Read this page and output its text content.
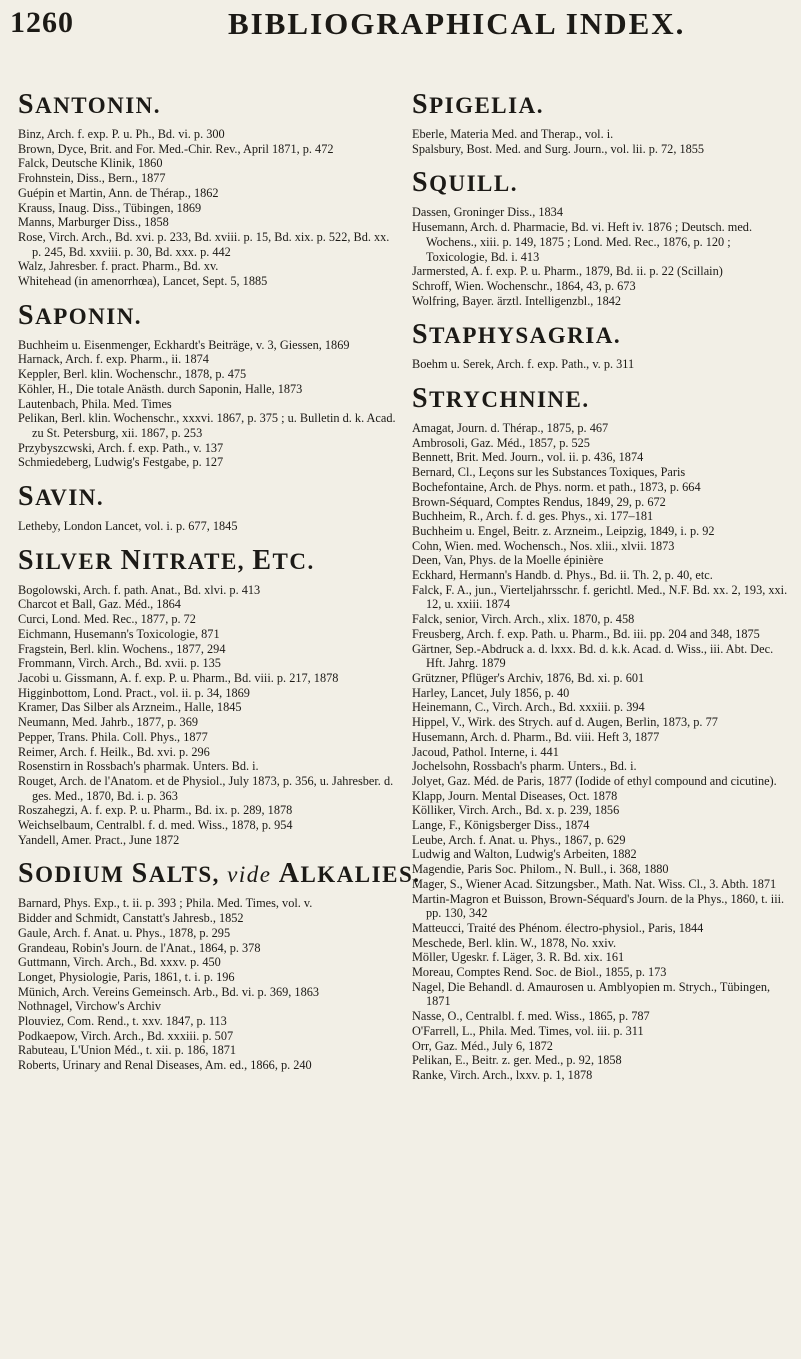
1260	BIBLIOGRAPHICAL INDEX.
SANTONIN.
Binz, Arch. f. exp. P. u. Ph., Bd. vi. p. 300
Brown, Dyce, Brit. and For. Med.-Chir. Rev., April 1871, p. 472
Falck, Deutsche Klinik, 1860
Frohnstein, Diss., Bern., 1877
Guépin et Martin, Ann. de Thérap., 1862
Krauss, Inaug. Diss., Tübingen, 1869
Manns, Marburger Diss., 1858
Rose, Virch. Arch., Bd. xvi. p. 233, Bd. xviii. p. 15, Bd. xix. p. 522, Bd. xx. p. 245, Bd. xxviii. p. 30, Bd. xxx. p. 442
Walz, Jahresber. f. pract. Pharm., Bd. xv.
Whitehead (in amenorrhœa), Lancet, Sept. 5, 1885
SAPONIN.
Buchheim u. Eisenmenger, Eckhardt's Beiträge, v. 3, Giessen, 1869
Harnack, Arch. f. exp. Pharm., ii. 1874
Keppler, Berl. klin. Wochenschr., 1878, p. 475
Köhler, H., Die totale Anästh. durch Saponin, Halle, 1873
Lautenbach, Phila. Med. Times
Pelikan, Berl. klin. Wochenschr., xxxvi. 1867, p. 375 ; u. Bulletin d. k. Acad. zu St. Petersburg, xii. 1867, p. 253
Przybyszcwski, Arch. f. exp. Path., v. 137
Schmiedeberg, Ludwig's Festgabe, p. 127
SAVIN.
Letheby, London Lancet, vol. i. p. 677, 1845
SILVER NITRATE, ETC.
Bogolowski, Arch. f. path. Anat., Bd. xlvi. p. 413
Charcot et Ball, Gaz. Méd., 1864
Curci, Lond. Med. Rec., 1877, p. 72
Eichmann, Husemann's Toxicologie, 871
Fragstein, Berl. klin. Wochens., 1877, 294
Frommann, Virch. Arch., Bd. xvii. p. 135
Jacobi u. Gissmann, A. f. exp. P. u. Pharm., Bd. viii. p. 217, 1878
Higginbottom, Lond. Pract., vol. ii. p. 34, 1869
Kramer, Das Silber als Arzneim., Halle, 1845
Neumann, Med. Jahrb., 1877, p. 369
Pepper, Trans. Phila. Coll. Phys., 1877
Reimer, Arch. f. Heilk., Bd. xvi. p. 296
Rosenstirn in Rossbach's pharmak. Unters. Bd. i.
Rouget, Arch. de l'Anatom. et de Physiol., July 1873, p. 356, u. Jahresber. d. ges. Med., 1870, Bd. i. p. 363
Roszahegzi, A. f. exp. P. u. Pharm., Bd. ix. p. 289, 1878
Weichselbaum, Centralbl. f. d. med. Wiss., 1878, p. 954
Yandell, Amer. Pract., June 1872
SODIUM SALTS, vide ALKALIES.
Barnard, Phys. Exp., t. ii. p. 393 ; Phila. Med. Times, vol. v.
Bidder and Schmidt, Canstatt's Jahresb., 1852
Gaule, Arch. f. Anat. u. Phys., 1878, p. 295
Grandeau, Robin's Journ. de l'Anat., 1864, p. 378
Guttmann, Virch. Arch., Bd. xxxv. p. 450
Longet, Physiologie, Paris, 1861, t. i. p. 196
Münich, Arch. Vereins Gemeinsch. Arb., Bd. vi. p. 369, 1863
Nothnagel, Virchow's Archiv
Plouviez, Com. Rend., t. xxv. 1847, p. 113
Podkaepow, Virch. Arch., Bd. xxxiii. p. 507
Rabuteau, L'Union Méd., t. xii. p. 186, 1871
Roberts, Urinary and Renal Diseases, Am. ed., 1866, p. 240
SPIGELIA.
Eberle, Materia Med. and Therap., vol. i.
Spalsbury, Bost. Med. and Surg. Journ., vol. lii. p. 72, 1855
SQUILL.
Dassen, Groninger Diss., 1834
Husemann, Arch. d. Pharmacie, Bd. vi. Heft iv. 1876 ; Deutsch. med. Wochens., xiii. p. 149, 1875 ; Lond. Med. Rec., 1876, p. 120 ; Toxicologie, Bd. i. 413
Jarmersted, A. f. exp. P. u. Pharm., 1879, Bd. ii. p. 22 (Scillain)
Schroff, Wien. Wochenschr., 1864, 43, p. 673
Wolfring, Bayer. ärztl. Intelligenzbl., 1842
STAPHYSAGRIA.
Boehm u. Serek, Arch. f. exp. Path., v. p. 311
STRYCHNINE.
Amagat, Journ. d. Thérap., 1875, p. 467
Ambrosoli, Gaz. Méd., 1857, p. 525
Bennett, Brit. Med. Journ., vol. ii. p. 436, 1874
Bernard, Cl., Leçons sur les Substances Toxiques, Paris
Bochefontaine, Arch. de Phys. norm. et path., 1873, p. 664
Brown-Séquard, Comptes Rendus, 1849, 29, p. 672
Buchheim, R., Arch. f. d. ges. Phys., xi. 177–181
Buchheim u. Engel, Beitr. z. Arzneim., Leipzig, 1849, i. p. 92
Cohn, Wien. med. Wochensch., Nos. xlii., xlvii. 1873
Deen, Van, Phys. de la Moelle épinière
Eckhard, Hermann's Handb. d. Phys., Bd. ii. Th. 2, p. 40, etc.
Falck, F. A., jun., Vierteljahrsschr. f. gerichtl. Med., N.F. Bd. xx. 2, 193, xxi. 12, u. xxiii. 1874
Falck, senior, Virch. Arch., xlix. 1870, p. 458
Freusberg, Arch. f. exp. Path. u. Pharm., Bd. iii. pp. 204 and 348, 1875
Gärtner, Sep.-Abdruck a. d. lxxx. Bd. d. k.k. Acad. d. Wiss., iii. Abt. Dec. Hft. Jahrg. 1879
Grützner, Pflüger's Archiv, 1876, Bd. xi. p. 601
Harley, Lancet, July 1856, p. 40
Heinemann, C., Virch. Arch., Bd. xxxiii. p. 394
Hippel, V., Wirk. des Strych. auf d. Augen, Berlin, 1873, p. 77
Husemann, Arch. d. Pharm., Bd. viii. Heft 3, 1877
Jacoud, Pathol. Interne, i. 441
Jochelsohn, Rossbach's pharm. Unters., Bd. i.
Jolyet, Gaz. Méd. de Paris, 1877 (Iodide of ethyl compound and cicutine).
Klapp, Journ. Mental Diseases, Oct. 1878
Kölliker, Virch. Arch., Bd. x. p. 239, 1856
Lange, F., Königsberger Diss., 1874
Leube, Arch. f. Anat. u. Phys., 1867, p. 629
Ludwig and Walton, Ludwig's Arbeiten, 1882
Magendie, Paris Soc. Philom., N. Bull., i. 368, 1880
Mager, S., Wiener Acad. Sitzungsber., Math. Nat. Wiss. Cl., 3. Abth. 1871
Martin-Magron et Buisson, Brown-Séquard's Journ. de la Phys., 1860, t. iii. pp. 130, 342
Matteucci, Traité des Phénom. électro-physiol., Paris, 1844
Meschede, Berl. klin. W., 1878, No. xxiv.
Möller, Ugeskr. f. Läger, 3. R. Bd. xix. 161
Moreau, Comptes Rend. Soc. de Biol., 1855, p. 173
Nagel, Die Behandl. d. Amaurosen u. Amblyopien m. Strych., Tübingen, 1871
Nasse, O., Centralbl. f. med. Wiss., 1865, p. 787
O'Farrell, L., Phila. Med. Times, vol. iii. p. 311
Orr, Gaz. Méd., July 6, 1872
Pelikan, E., Beitr. z. ger. Med., p. 92, 1858
Ranke, Virch. Arch., lxxv. p. 1, 1878
